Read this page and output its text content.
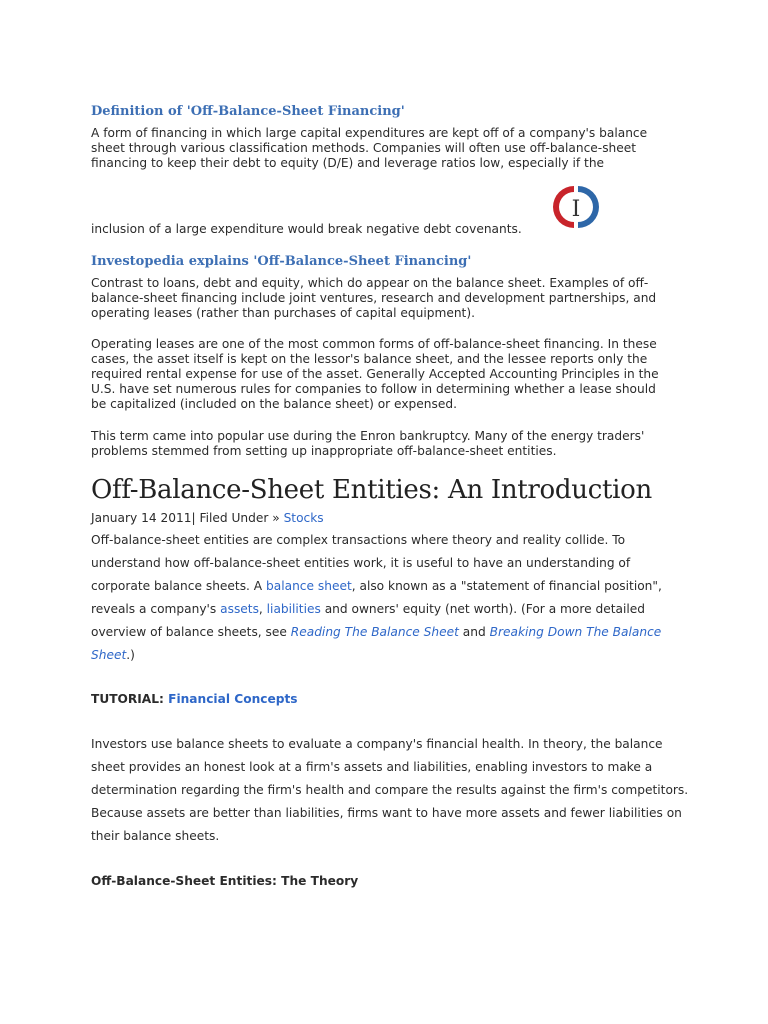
Definition of 'Off-Balance-Sheet Financing'

A form of financing in which large capital expenditures are kept off of a company's balance sheet through various classification methods. Companies will often use off-balance-sheet financing to keep their debt to equity (D/E) and leverage ratios low, especially if the

inclusion of a large expenditure would break negative debt covenants.

I
Investopedia explains 'Off-Balance-Sheet Financing'

Contrast to loans, debt and equity, which do appear on the balance sheet. Examples of off-balance-sheet financing include joint ventures, research and development partnerships, and operating leases (rather than purchases of capital equipment).

Operating leases are one of the most common forms of off-balance-sheet financing. In these cases, the asset itself is kept on the lessor's balance sheet, and the lessee reports only the required rental expense for use of the asset. Generally Accepted Accounting Principles in the U.S. have set numerous rules for companies to follow in determining whether a lease should be capitalized (included on the balance sheet) or expensed.

This term came into popular use during the Enron bankruptcy. Many of the energy traders' problems stemmed from setting up inappropriate off-balance-sheet entities.

Off-Balance-Sheet Entities: An Introduction

January 14 2011| Filed Under » Stocks

Off-balance-sheet entities are complex transactions where theory and reality collide. To understand how off-balance-sheet entities work, it is useful to have an understanding of corporate balance sheets. A balance sheet, also known as a "statement of financial position", reveals a company's assets, liabilities and owners' equity (net worth). (For a more detailed overview of balance sheets, see Reading The Balance Sheet and Breaking Down The Balance Sheet.)

TUTORIAL: Financial Concepts

Investors use balance sheets to evaluate a company's financial health. In theory, the balance sheet provides an honest look at a firm's assets and liabilities, enabling investors to make a determination regarding the firm's health and compare the results against the firm's competitors. Because assets are better than liabilities, firms want to have more assets and fewer liabilities on their balance sheets.

Off-Balance-Sheet Entities: The Theory
